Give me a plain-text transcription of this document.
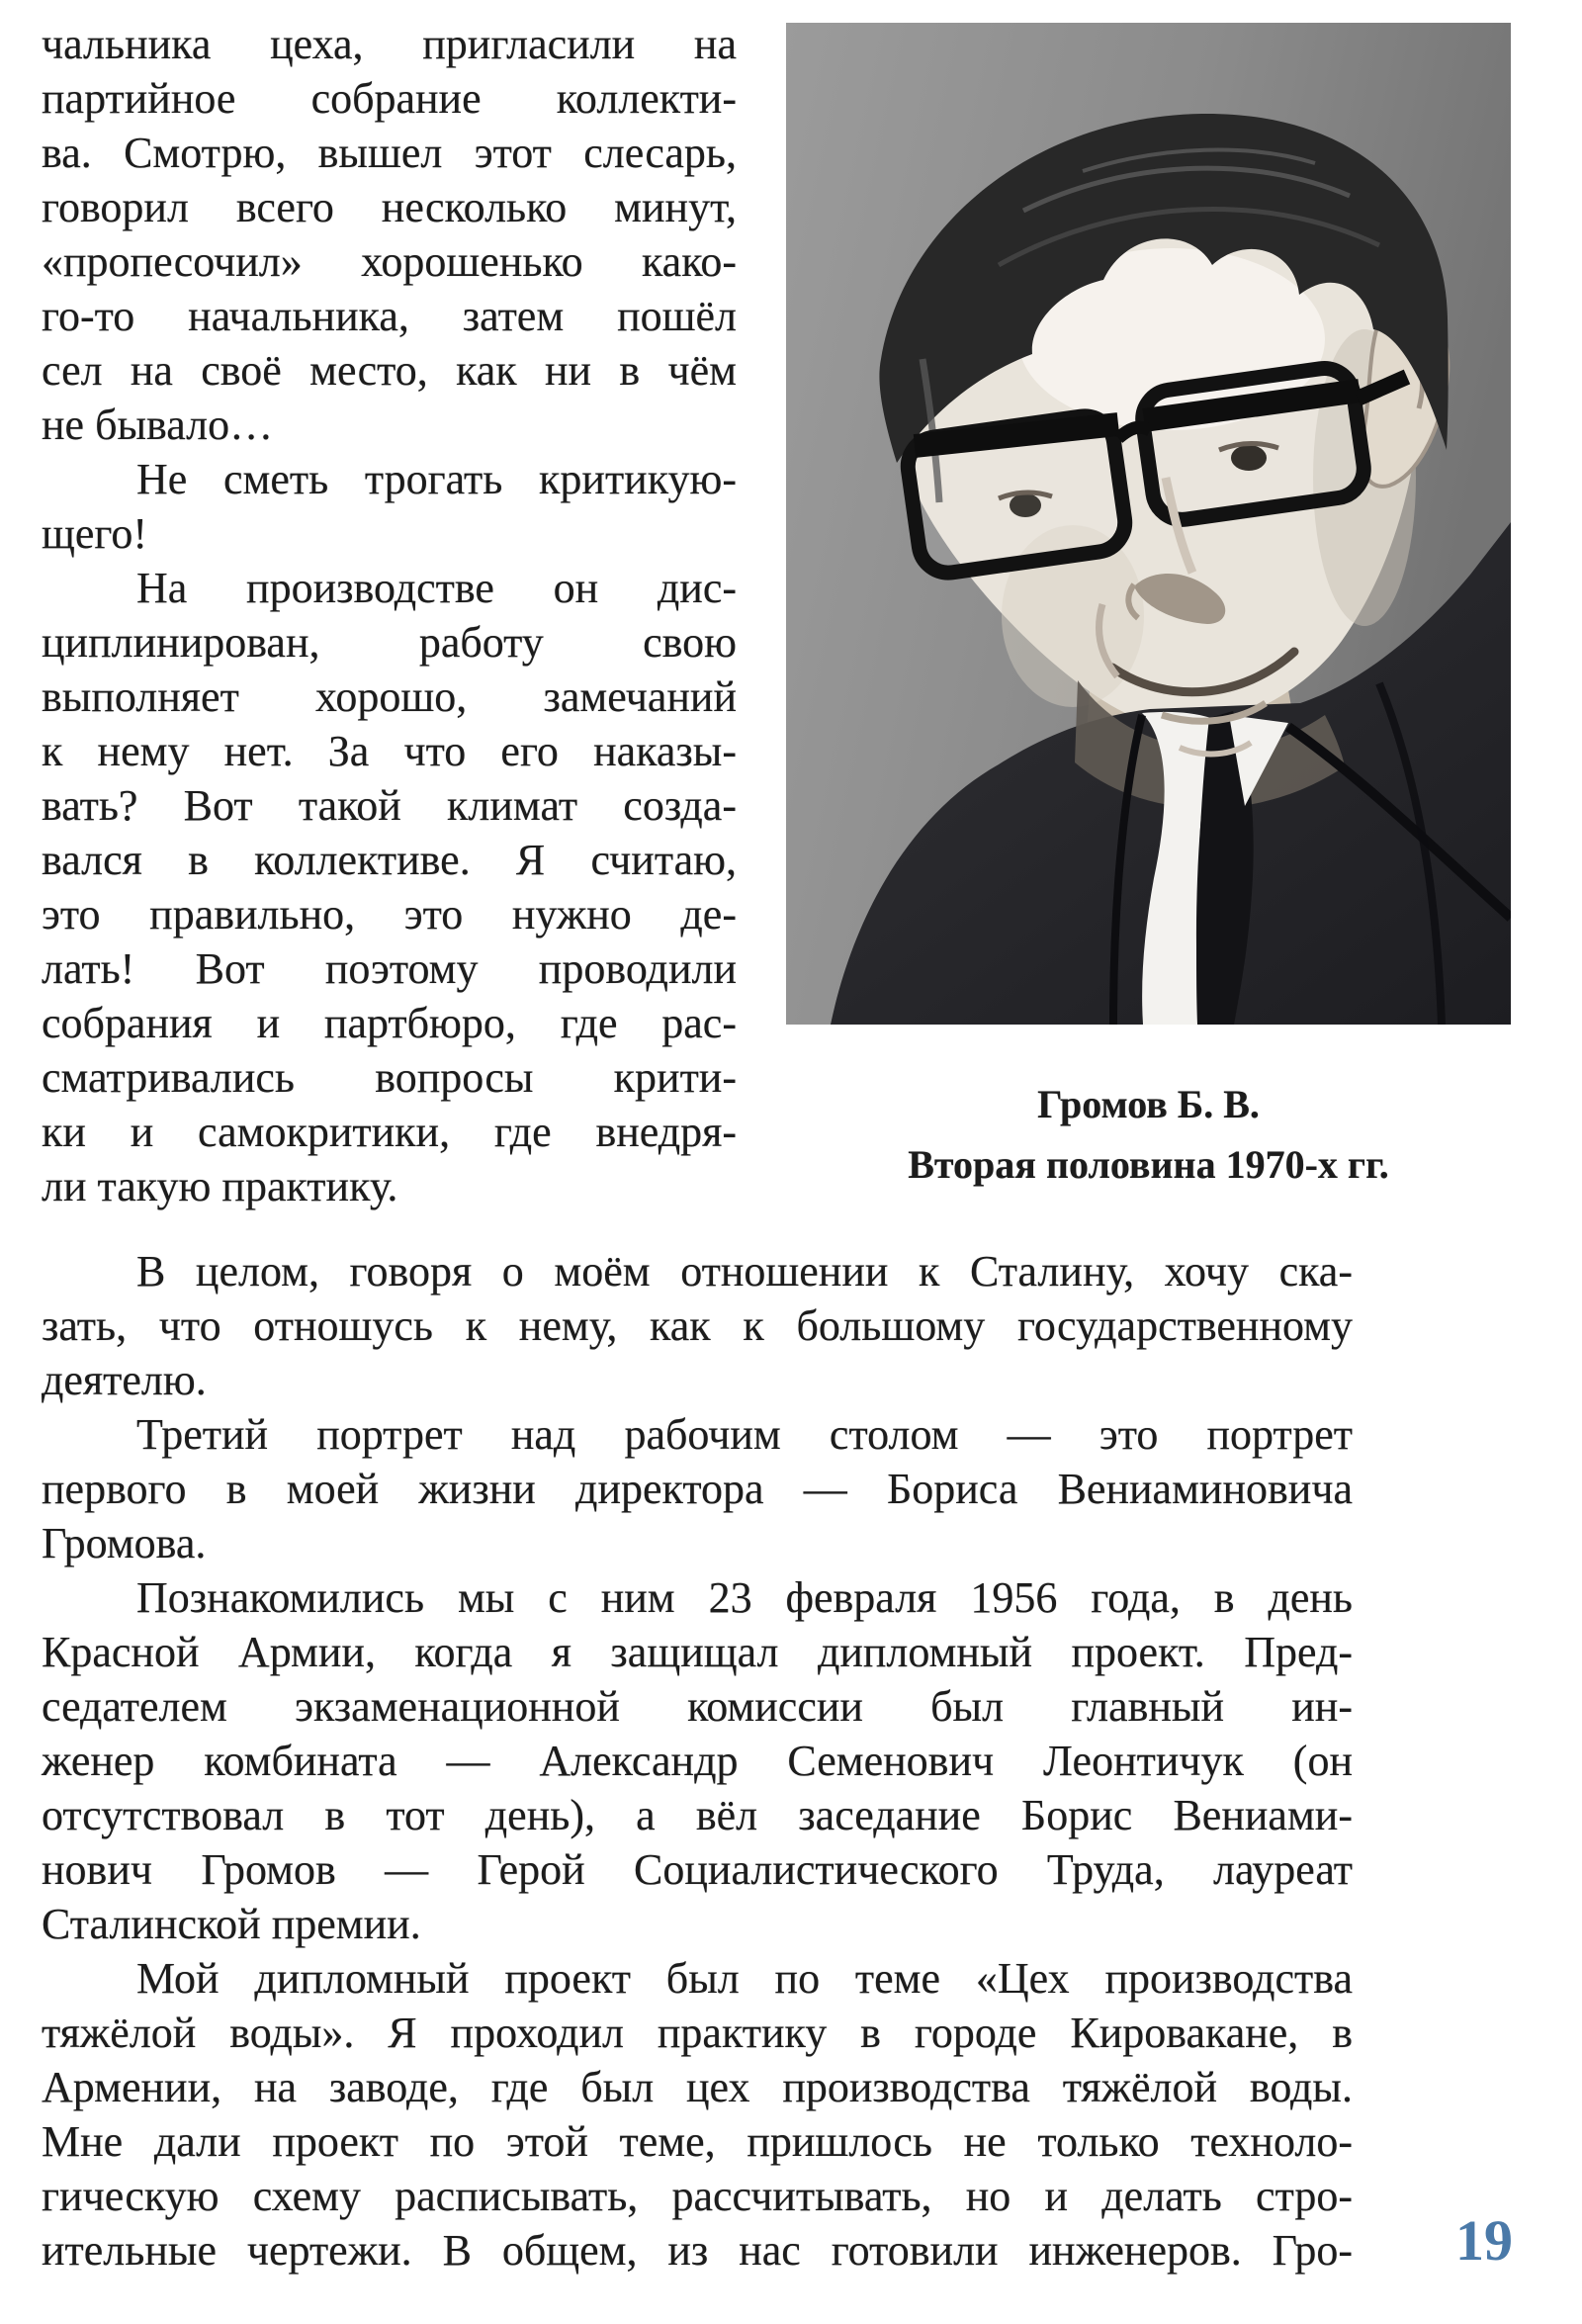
чальника цеха, пригласили на
партийное собрание коллекти-
ва. Смотрю, вышел этот слесарь,
говорил всего несколько минут,
«пропесочил» хорошенько како-
го-то начальника, затем пошёл
сел на своё место, как ни в чём
не бывало…
Не сметь трогать критикую-
щего!
На производстве он дис-
циплинирован, работу свою
выполняет хорошо, замечаний
к нему нет. За что его наказы-
вать? Вот такой климат созда-
вался в коллективе. Я считаю,
это правильно, это нужно де-
лать! Вот поэтому проводили
собрания и партбюро, где рас-
сматривались вопросы крити-
ки и самокритики, где внедря-
ли такую практику.
Громов Б. В.
Вторая половина 1970-х гг.
В целом, говоря о моём отношении к Сталину, хочу ска-
зать, что отношусь к нему, как к большому государственному
деятелю.
Третий портрет над рабочим столом — это портрет
первого в моей жизни директора — Бориса Вениаминовича
Громова.
Познакомились мы с ним 23 февраля 1956 года, в день
Красной Армии, когда я защищал дипломный проект. Пред-
седателем экзаменационной комиссии был главный ин-
женер комбината — Александр Семенович Леонтичук (он
отсутствовал в тот день), а вёл заседание Борис Вениами-
нович Громов — Герой Социалистического Труда, лауреат
Сталинской премии.
Мой дипломный проект был по теме «Цех производства
тяжёлой воды». Я проходил практику в городе Кировакане, в
Армении, на заводе, где был цех производства тяжёлой воды.
Мне дали проект по этой теме, пришлось не только техноло-
гическую схему расписывать, рассчитывать, но и делать стро-
ительные чертежи. В общем, из нас готовили инженеров. Гро-	19
